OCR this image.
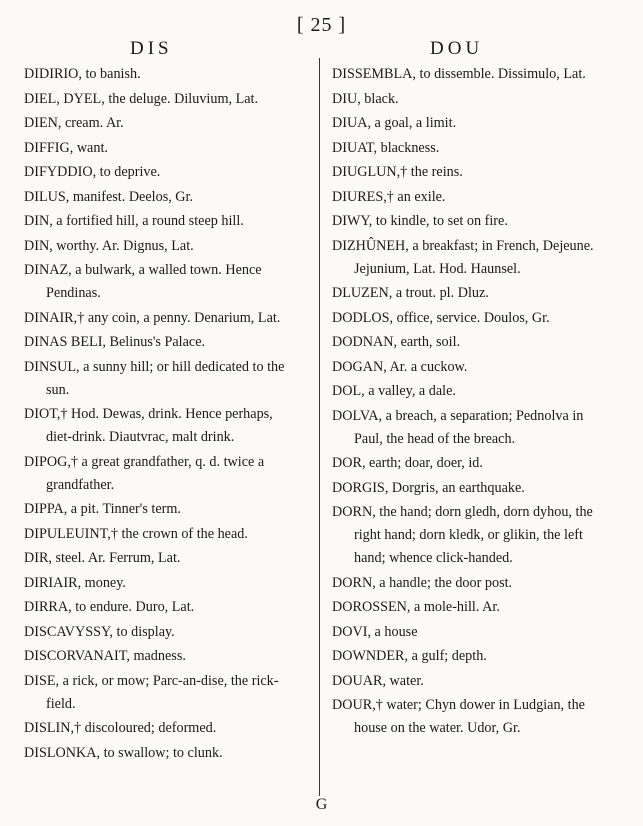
[ 25 ]
DIS	DOU
DIDIRIO, to banish.
DIEL, DYEL, the deluge. Diluvium, Lat.
DIEN, cream. Ar.
DIFFIG, want.
DIFYDDIO, to deprive.
DILUS, manifest. Deelos, Gr.
DIN, a fortified hill, a round steep hill.
DIN, worthy. Ar. Dignus, Lat.
DINAZ, a bulwark, a walled town. Hence Pendinas.
DINAIR,† any coin, a penny. Denarium, Lat.
DINAS BELI, Belinus's Palace.
DINSUL, a sunny hill; or hill dedicated to the sun.
DIOT,† Hod. Dewas, drink. Hence perhaps, diet-drink. Diautvrac, malt drink.
DIPOG,† a great grandfather, q. d. twice a grandfather.
DIPPA, a pit. Tinner's term.
DIPULEUINT,† the crown of the head.
DIR, steel. Ar. Ferrum, Lat.
DIRIAIR, money.
DIRRA, to endure. Duro, Lat.
DISCAVYSSY, to display.
DISCORVANAIT, madness.
DISE, a rick, or mow; Parc-an-dise, the rick-field.
DISLIN,† discoloured; deformed.
DISLONKA, to swallow; to clunk.
DISSEMBLA, to dissemble. Dissimulo, Lat.
DIU, black.
DIUA, a goal, a limit.
DIUAT, blackness.
DIUGLUN,† the reins.
DIURES,† an exile.
DIWY, to kindle, to set on fire.
DIZHÛNEH, a breakfast; in French, Dejeune. Jejunium, Lat. Hod. Haunsel.
DLUZEN, a trout. pl. Dluz.
DODLOS, office, service. Doulos, Gr.
DODNAN, earth, soil.
DOGAN, Ar. a cuckow.
DOL, a valley, a dale.
DOLVA, a breach, a separation; Pednolva in Paul, the head of the breach.
DOR, earth; doar, doer, id.
DORGIS, Dorgris, an earthquake.
DORN, the hand; dorn gledh, dorn dyhou, the right hand; dorn kledk, or glikin, the left hand; whence click-handed.
DORN, a handle; the door post.
DOROSSEN, a mole-hill. Ar.
DOVI, a house
DOWNDER, a gulf; depth.
DOUAR, water.
DOUR,† water; Chyn dower in Ludgian, the house on the water. Udor, Gr.
G
